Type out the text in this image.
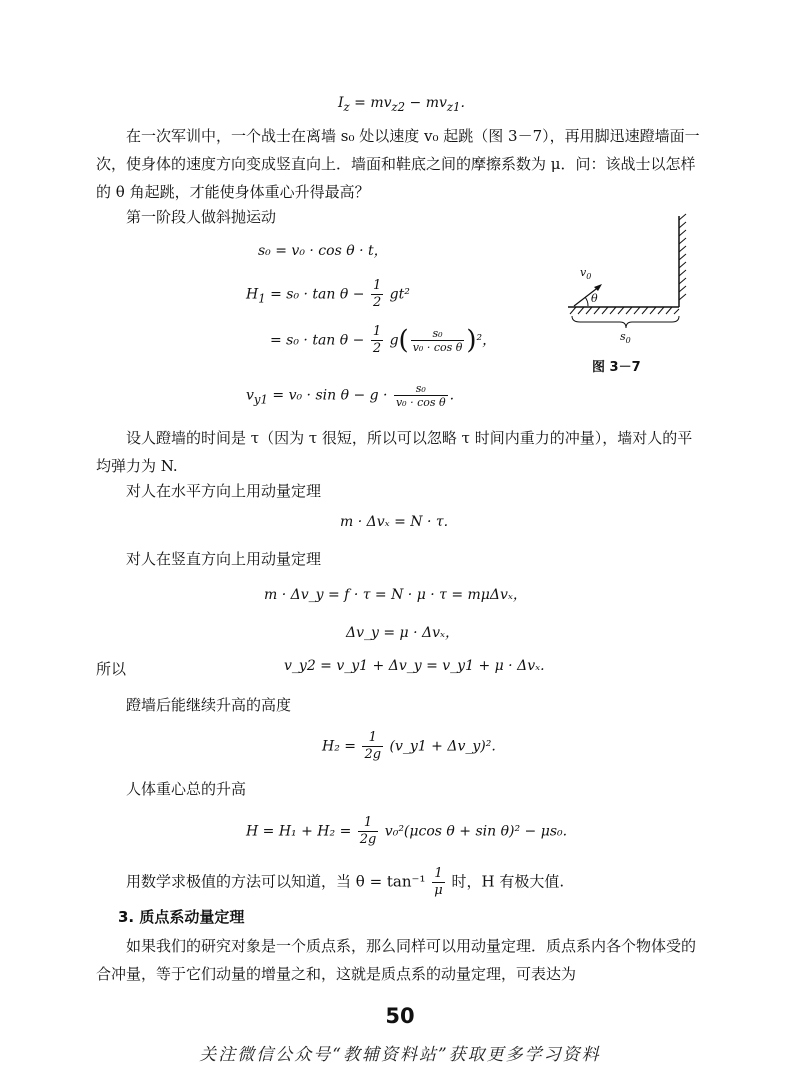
$I_z = mv_{z2} - mv_{z1}$.

在一次军训中，一个战士在离墙 s₀ 处以速度 v₀ 起跳（图 3－7），再用脚迅速蹬墙面一次，使身体的速度方向变成竖直向上．墙面和鞋底之间的摩擦系数为 μ．问：该战士以怎样的 θ 角起跳，才能使身体重心升得最高？

第一阶段人做斜抛运动
s₀ = v₀ · cos θ · t，
$H_1 = s_0 \cdot \tan \theta - \frac{1}{2} gt^2$
= $s_0 \cdot \tan \theta - \frac{1}{2} g( \frac{\text{s₀}}{\text{v₀ · cos θ}} )^2$，
$v_{y1} = v_0 \cdot \sin \theta - g \cdot \frac{\text{s₀}}{\text{v₀ · cos θ}}$ .
$v_0$
θ
$s_0$
图 3－7

设人蹬墙的时间是 τ（因为 τ 很短，所以可以忽略 τ 时间内重力的冲量），墙对人的平均弹力为 N.

对人在水平方向上用动量定理
m · Δvₓ = N · τ.
对人在竖直方向上用动量定理
m · Δv_y = f · τ = N · μ · τ = mμΔvₓ，
Δv_y = μ · Δvₓ，
所以	v_y2 = v_y1 + Δv_y = v_y1 + μ · Δvₓ.
蹬墙后能继续升高的高度
$H_2 = \frac{1}{2g}$ (v_y1 + Δv_y)².
人体重心总的升高
$H = H_1 + H_2 = \frac{1}{2g} v_0^2(\mu\cos$ θ + sin θ)² − μs₀.
用数学求极值的方法可以知道，当 $\theta = \tan^{-1} \frac{1}{\mu}$ 时，H 有极大值.
3. 质点系动量定理

如果我们的研究对象是一个质点系，那么同样可以用动量定理．质点系内各个物体受的合冲量，等于它们动量的增量之和，这就是质点系的动量定理，可表达为

50
关注微信公众号“教辅资料站”获取更多学习资料
